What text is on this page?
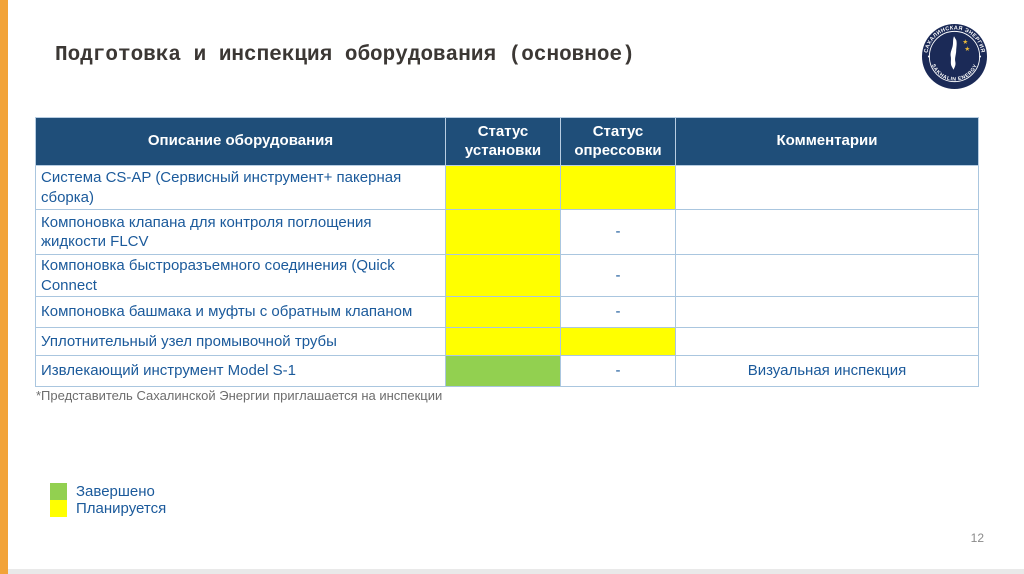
Подготовка и инспекция оборудования (основное)	САХАЛИНСКАЯ ЭНЕРГИЯ
SAKHALIN ENERGY
★
★
Описание оборудования	Статус установки	Статус опрессовки	Комментарии
Система CS-AP (Сервисный инструмент+ пакерная сборка)			
Компоновка клапана для контроля поглощения жидкости FLCV		-	
Компоновка быстроразъемного соединения (Quick Connect		-	
Компоновка башмака и муфты с обратным клапаном		-	
Уплотнительный узел промывочной трубы			
Извлекающий инструмент Model S-1		-	Визуальная инспекция
*Представитель Сахалинской Энергии приглашается на инспекции
Завершено
Планируется
12
